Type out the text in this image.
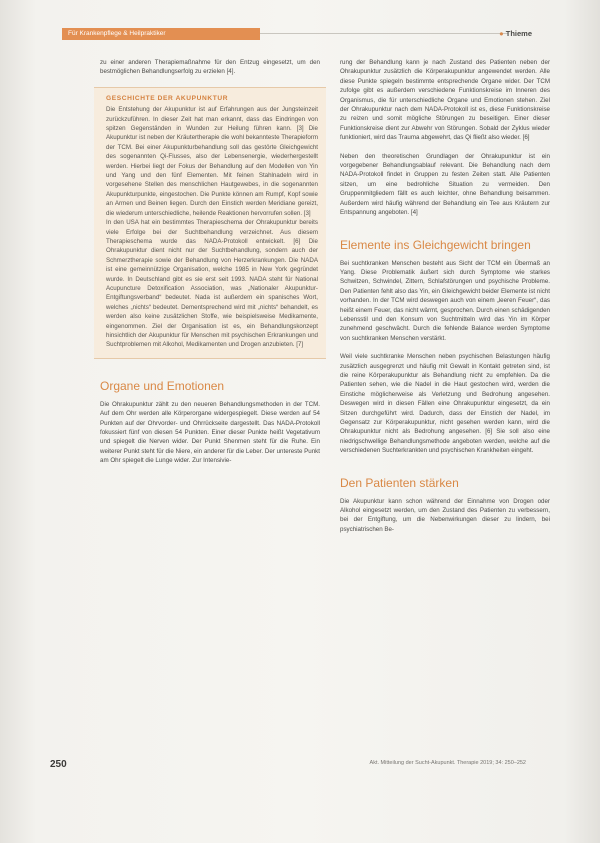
Für Krankenpflege & Heilpraktiker	● Thieme

zu einer anderen Therapiemaßnahme für den Entzug eingesetzt, um den bestmöglichen Behandlungserfolg zu erzielen [4].

GESCHICHTE DER AKUPUNKTUR

Die Entstehung der Akupunktur ist auf Erfahrungen aus der Jungsteinzeit zurückzuführen. In dieser Zeit hat man erkannt, dass das Eindringen von spitzen Gegenständen in Wunden zur Heilung führen kann. [3] Die Akupunktur ist neben der Kräutertherapie die wohl bekannteste Therapieform der TCM. Bei einer Akupunkturbehandlung soll das gestörte Gleichgewicht des sogenannten Qi-Flusses, also der Lebensenergie, wiederhergestellt werden. Hierbei liegt der Fokus der Behandlung auf den Modellen von Yin und Yang und den fünf Elementen. Mit feinen Stahlnadeln wird in vorgesehene Stellen des menschlichen Hautgewebes, in die sogenannten Akupunkturpunkte, eingestochen. Die Punkte können am Rumpf, Kopf sowie an Armen und Beinen liegen. Durch den Einstich werden Meridiane gereizt, die wiederum unterschiedliche, heilende Reaktionen hervorrufen sollen. [3]

In den USA hat ein bestimmtes Therapieschema der Ohrakupunktur bereits viele Erfolge bei der Suchtbehandlung verzeichnet. Aus diesem Therapieschema wurde das NADA-Protokoll entwickelt. [6] Die Ohrakupunktur dient nicht nur der Suchtbehandlung, sondern auch der Schmerztherapie sowie der Behandlung von Herzerkrankungen. Die NADA ist eine gemeinnützige Organisation, welche 1985 in New York gegründet wurde. In Deutschland gibt es sie erst seit 1993. NADA steht für National Acupuncture Detoxification Association, was „Nationaler Akupunktur-Entgiftungsverband“ bedeutet. Nada ist außerdem ein spanisches Wort, welches „nichts“ bedeutet. Dementsprechend wird mit „nichts“ behandelt, es werden also keine zusätzlichen Stoffe, wie beispielsweise Medikamente, eingenommen. Ziel der Organisation ist es, ein Behandlungskonzept hinsichtlich der Akupunktur für Menschen mit psychischen Erkrankungen und Suchtproblemen mit Alkohol, Medikamenten und Drogen anzubieten. [7]

Organe und Emotionen

Die Ohrakupunktur zählt zu den neueren Behandlungsmethoden in der TCM. Auf dem Ohr werden alle Körperorgane widergespiegelt. Diese werden auf 54 Punkten auf der Ohrvorder- und Ohrrückseite dargestellt. Das NADA-Protokoll fokussiert fünf von diesen 54 Punkten. Einer dieser Punkte heißt Vegetativum und spiegelt die Nerven wider. Der Punkt Shenmen steht für die Ruhe. Ein weiterer Punkt steht für die Niere, ein anderer für die Leber. Der untereste Punkt am Ohr spiegelt die Lunge wider. Zur Intensivie-

rung der Behandlung kann je nach Zustand des Patienten neben der Ohrakupunktur zusätzlich die Körperakupunktur angewendet werden. Alle diese Punkte spiegeln bestimmte entsprechende Organe wider. Der TCM zufolge gibt es außerdem verschiedene Funktionskreise im Inneren des Organismus, die für unterschiedliche Organe und Emotionen stehen. Ziel der Ohrakupunktur nach dem NADA-Protokoll ist es, diese Funktionskreise zu reizen und somit mögliche Störungen zu beseitigen. Einer dieser Funktionskreise dient zur Abwehr von Störungen. Sobald der Zyklus wieder funktioniert, wird das Trauma abgewehrt, das Qi fließt also wieder. [6]

Neben den theoretischen Grundlagen der Ohrakupunktur ist ein vorgegebener Behandlungsablauf relevant. Die Behandlung nach dem NADA-Protokoll findet in Gruppen zu festen Zeiten statt. Alle Patienten sitzen, um eine bedrohliche Situation zu vermeiden. Den Gruppenmitgliedern fällt es auch leichter, ohne Behandlung beisammen. Außerdem wird häufig während der Behandlung ein Tee aus Kräutern zur Entspannung angeboten. [4]

Elemente ins Gleichgewicht bringen

Bei suchtkranken Menschen besteht aus Sicht der TCM ein Übermaß an Yang. Diese Problematik äußert sich durch Symptome wie starkes Schwitzen, Schwindel, Zittern, Schlafstörungen und psychische Probleme. Den Patienten fehlt also das Yin, ein Gleichgewicht beider Elemente ist nicht vorhanden. In der TCM wird deswegen auch von einem „leeren Feuer“, das heißt einem Feuer, das nicht wärmt, gesprochen. Durch einen schädigenden Lebensstil und den Konsum von Suchtmitteln wird das Yin im Körper zunehmend geschwächt. Durch die fehlende Balance werden Symptome von suchtkranken Menschen verstärkt.

Weil viele suchtkranke Menschen neben psychischen Belastungen häufig zusätzlich ausgegrenzt und häufig mit Gewalt in Kontakt getreten sind, ist die reine Körperakupunktur als Behandlung nicht zu empfehlen. Da die Patienten sehen, wie die Nadel in die Haut gestochen wird, werden die Einstiche möglicherweise als Verletzung und Bedrohung angesehen. Deswegen wird in diesen Fällen eine Ohrakupunktur eingesetzt, da ein Sitzen durchgeführt wird. Dadurch, dass der Einstich der Nadel, im Gegensatz zur Körperakupunktur, nicht gesehen werden kann, wird die Ohrakupunktur nicht als Bedrohung angesehen. [6] Sie soll also eine niedrigschwellige Behandlungsmethode angeboten werden, welche auf die verschiedenen Suchterkrankten und psychischen Krankheiten eingeht.

Den Patienten stärken

Die Akupunktur kann schon während der Einnahme von Drogen oder Alkohol eingesetzt werden, um den Zustand des Patienten zu verbessern, bei der Entgiftung, um die Nebenwirkungen dieser zu lindern, bei psychiatrischen Be-

250	Akt. Mitteilung der Sucht-Akupunkt. Therapie 2019; 34: 250–252
